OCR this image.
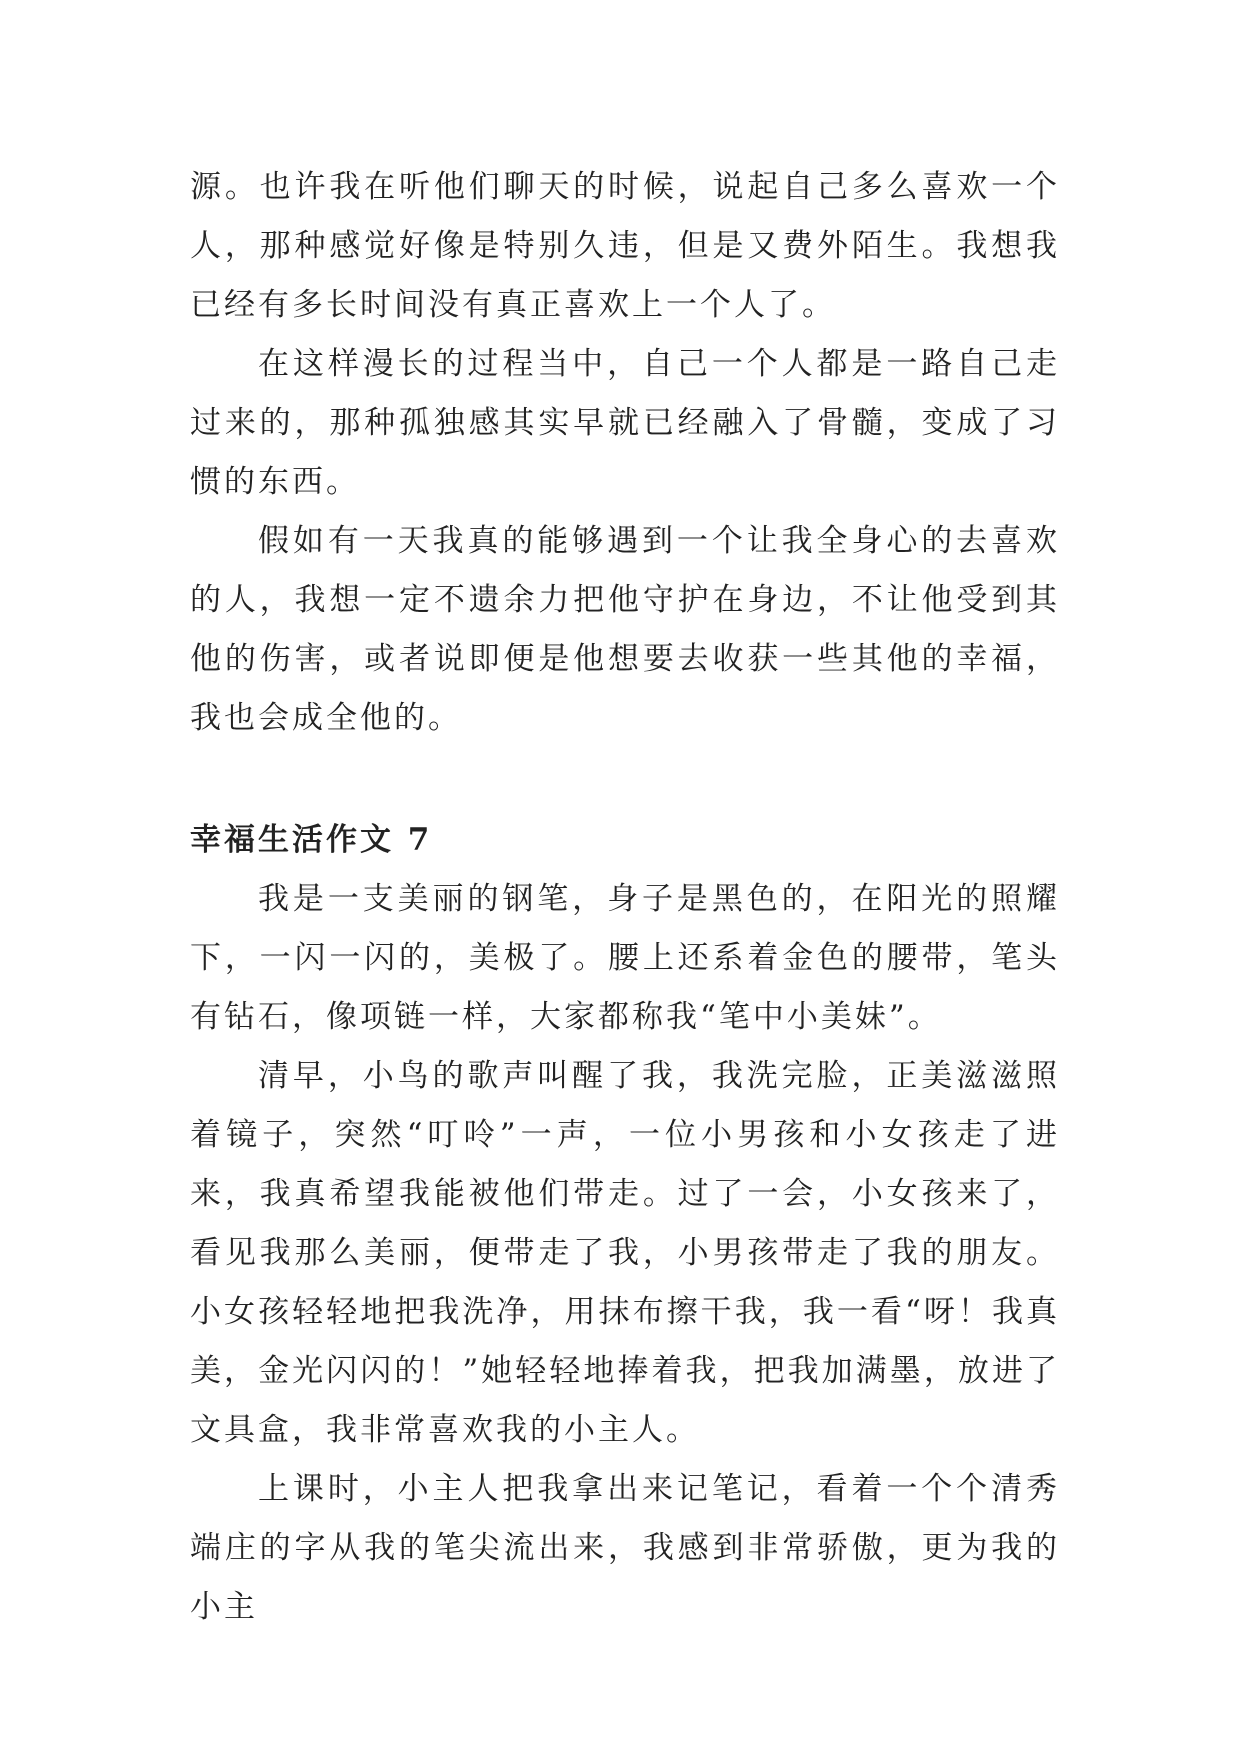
源。也许我在听他们聊天的时候，说起自己多么喜欢一个人，那种感觉好像是特别久违，但是又费外陌生。我想我已经有多长时间没有真正喜欢上一个人了。

在这样漫长的过程当中，自己一个人都是一路自己走过来的，那种孤独感其实早就已经融入了骨髓，变成了习惯的东西。

假如有一天我真的能够遇到一个让我全身心的去喜欢的人，我想一定不遗余力把他守护在身边，不让他受到其他的伤害，或者说即便是他想要去收获一些其他的幸福，我也会成全他的。

幸福生活作文 7

我是一支美丽的钢笔，身子是黑色的，在阳光的照耀下，一闪一闪的，美极了。腰上还系着金色的腰带，笔头有钻石，像项链一样，大家都称我“笔中小美妹”。

清早，小鸟的歌声叫醒了我，我洗完脸，正美滋滋照着镜子，突然“叮呤”一声，一位小男孩和小女孩走了进来，我真希望我能被他们带走。过了一会，小女孩来了，看见我那么美丽，便带走了我，小男孩带走了我的朋友。小女孩轻轻地把我洗净，用抹布擦干我，我一看“呀！我真美，金光闪闪的！”她轻轻地捧着我，把我加满墨，放进了文具盒，我非常喜欢我的小主人。

上课时，小主人把我拿出来记笔记，看着一个个清秀端庄的字从我的笔尖流出来，我感到非常骄傲，更为我的小主
